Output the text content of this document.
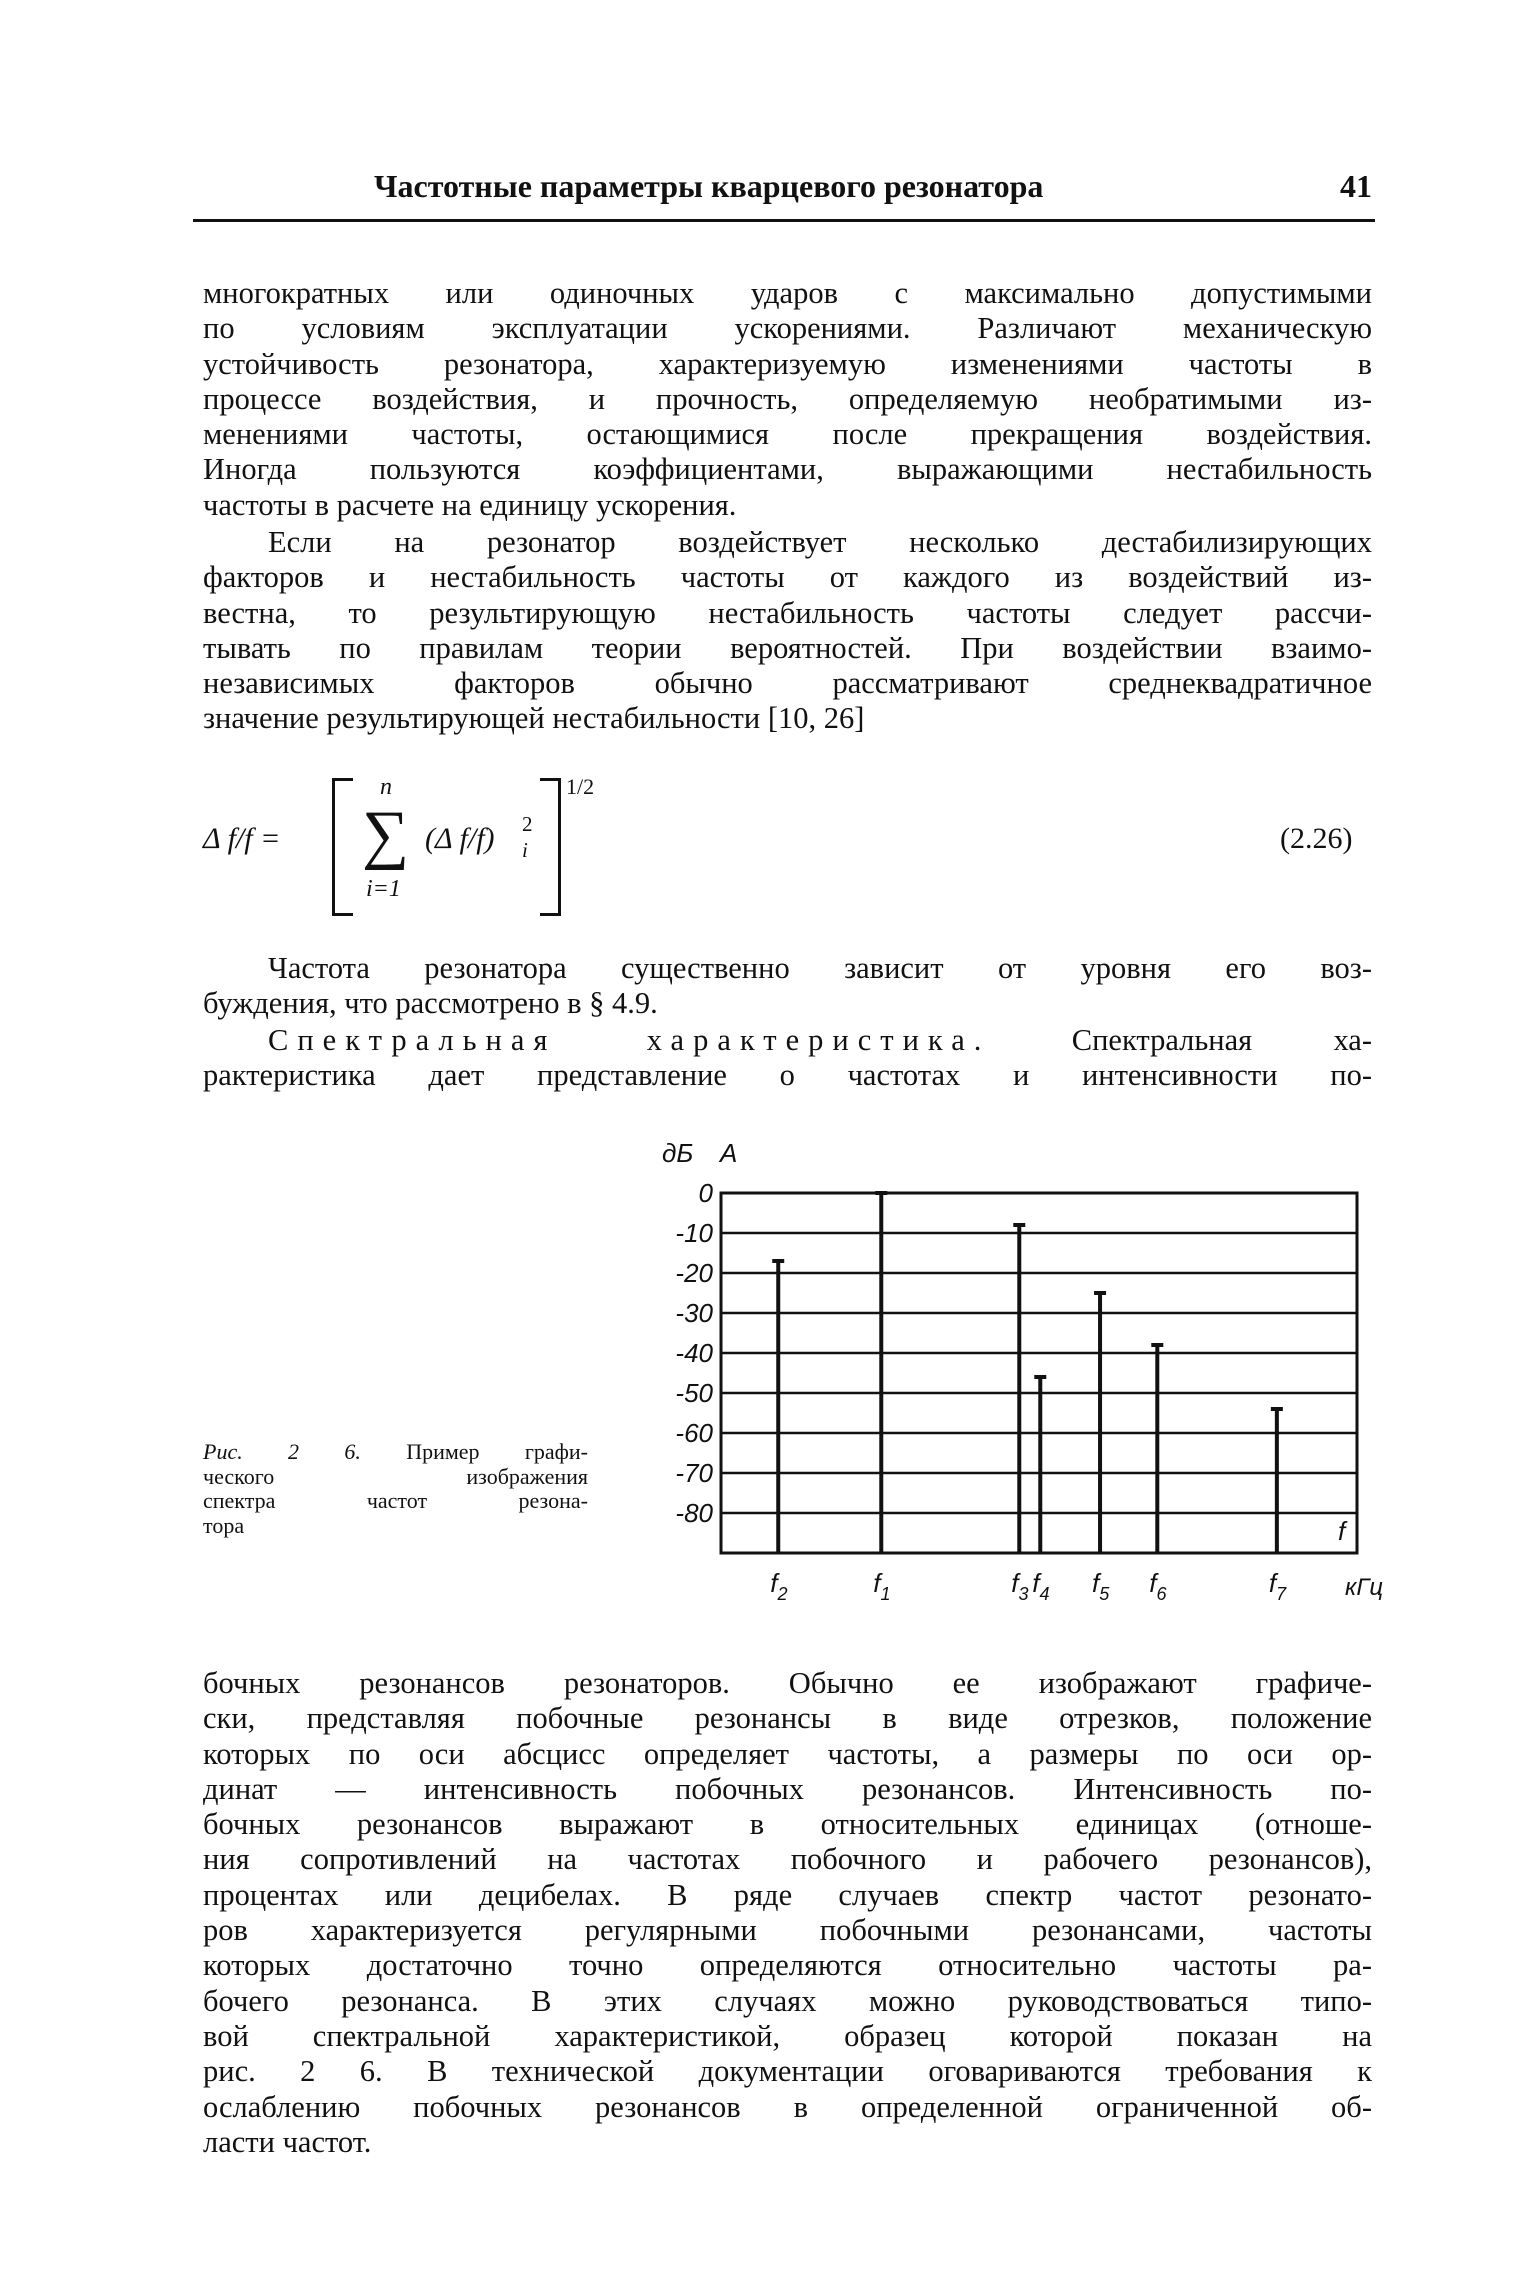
Частотные параметры кварцевого резонатора	41
многократных или одиночных ударов с максимально допустимыми
по условиям эксплуатации ускорениями. Различают механическую
устойчивость резонатора, характеризуемую изменениями частоты в
процессе воздействия, и прочность, определяемую необратимыми из-
менениями частоты, остающимися после прекращения воздействия.
Иногда пользуются коэффициентами, выражающими нестабильность
частоты в расчете на единицу ускорения.
Если на резонатор воздействует несколько дестабилизирующих
факторов и нестабильность частоты от каждого из воздействий из-
вестна, то результирующую нестабильность частоты следует рассчи-
тывать по правилам теории вероятностей. При воздействии взаимо-
независимых факторов обычно рассматривают среднеквадратичное
значение результирующей нестабильности [10, 26]
Δ f/f =
n
∑
i=1
(Δ f/f) 2
i
1/2
(2.26)
Частота резонатора существенно зависит от уровня его воз-
буждения, что рассмотрено в § 4.9.
Спектральная характеристика.	Спектральная ха-
рактеристика дает представление о частотах и интенсивности по-
Рис. 2 6. Пример графи-
ческого изображения
спектра частот резона-
тора
дБ A
0
-10
-20
-30
-40
-50
-60
-70
-80
$f_2$	$f_1$	$f_3$ $f_4$ $f_5$ $f_6$	$f_7$
f
кГц
бочных резонансов резонаторов. Обычно ее изображают графиче-
ски, представляя побочные резонансы в виде отрезков, положение
которых по оси абсцисс определяет частоты, а размеры по оси ор-
динат — интенсивность побочных резонансов. Интенсивность по-
бочных резонансов выражают в относительных единицах (отноше-
ния сопротивлений на частотах побочного и рабочего резонансов),
процентах или децибелах. В ряде случаев спектр частот резонато-
ров характеризуется регулярными побочными резонансами, частоты
которых достаточно точно определяются относительно частоты ра-
бочего резонанса. В этих случаях можно руководствоваться типо-
вой спектральной характеристикой, образец которой показан на
рис. 2 6. В технической документации оговариваются требования к
ослаблению побочных резонансов в определенной ограниченной об-
ласти частот.
